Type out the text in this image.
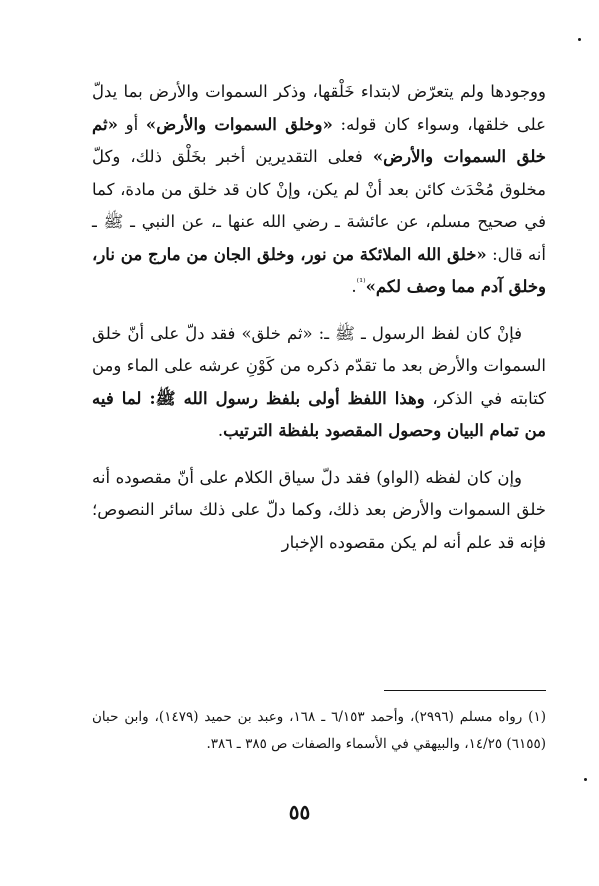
ووجودها ولم يتعرّض لابتداء خَلْقها، وذكر السموات والأرض بما يدلّ على خلقها، وسواء كان قوله: «وخلق السموات والأرض» أو «ثم خلق السموات والأرض» فعلى التقديرين أخبر بخَلْق ذلك، وكلّ مخلوق مُحْدَث كائن بعد أنْ لم يكن، وإنْ كان قد خلق من مادة، كما في صحيح مسلم، عن عائشة ـ رضي الله عنها ـ، عن النبي ـ ﷺ ـ أنه قال: «خلق الله الملائكة من نور، وخلق الجان من مارج من نار، وخلق آدم مما وصف لكم»$^{^{(1)}}$.

فإنْ كان لفظ الرسول ـ ﷺ ـ: «ثم خلق» فقد دلّ على أنّ خلق السموات والأرض بعد ما تقدّم ذكره من كَوْنِ عرشه على الماء ومن كتابته في الذكر، وهذا اللفظ أولى بلفظ رسول الله ﷺ: لما فيه من تمام البيان وحصول المقصود بلفظة الترتيب.

وإن كان لفظه (الواو) فقد دلّ سياق الكلام على أنّ مقصوده أنه خلق السموات والأرض بعد ذلك، وكما دلّ على ذلك سائر النصوص؛ فإنه قد علم أنه لم يكن مقصوده الإخبار

(١) رواه مسلم (٢٩٩٦)، وأحمد ٦/١٥٣ ـ ١٦٨، وعبد بن حميد (١٤٧٩)، وابن حبان (٦١٥٥) ١٤/٢٥، والبيهقي في الأسماء والصفات ص ٣٨٥ ـ ٣٨٦.

٥٥
